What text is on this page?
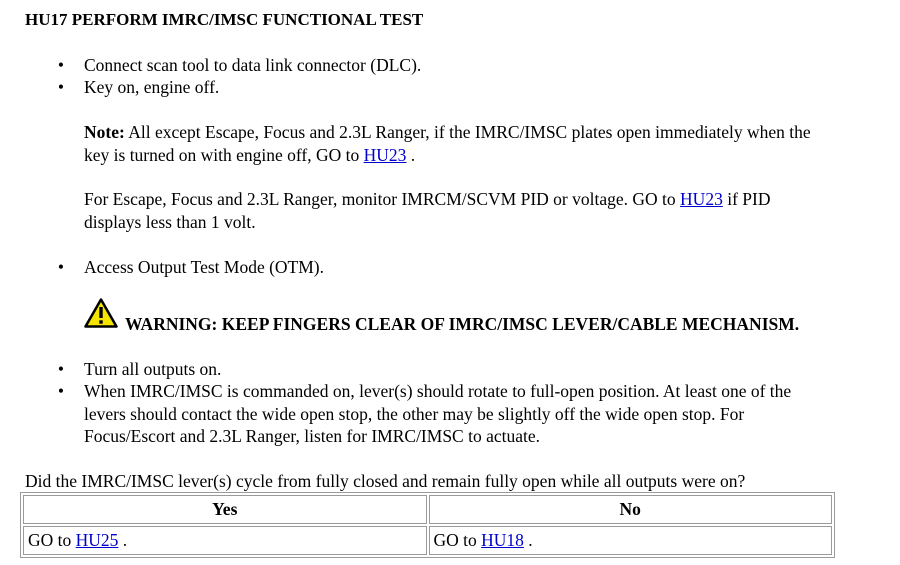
HU17 PERFORM IMRC/IMSC FUNCTIONAL TEST
• Connect scan tool to data link connector (DLC).
• Key on, engine off.
Note: All except Escape, Focus and 2.3L Ranger, if the IMRC/IMSC plates open immediately when the
key is turned on with engine off, GO to HU23 .
For Escape, Focus and 2.3L Ranger, monitor IMRCM/SCVM PID or voltage. GO to HU23 if PID
displays less than 1 volt.
• Access Output Test Mode (OTM).
WARNING: KEEP FINGERS CLEAR OF IMRC/IMSC LEVER/CABLE MECHANISM.
• Turn all outputs on.
• When IMRC/IMSC is commanded on, lever(s) should rotate to full-open position. At least one of the
levers should contact the wide open stop, the other may be slightly off the wide open stop. For
Focus/Escort and 2.3L Ranger, listen for IMRC/IMSC to actuate.
Did the IMRC/IMSC lever(s) cycle from fully closed and remain fully open while all outputs were on?
Yes	No
GO to HU25 .	GO to HU18 .
